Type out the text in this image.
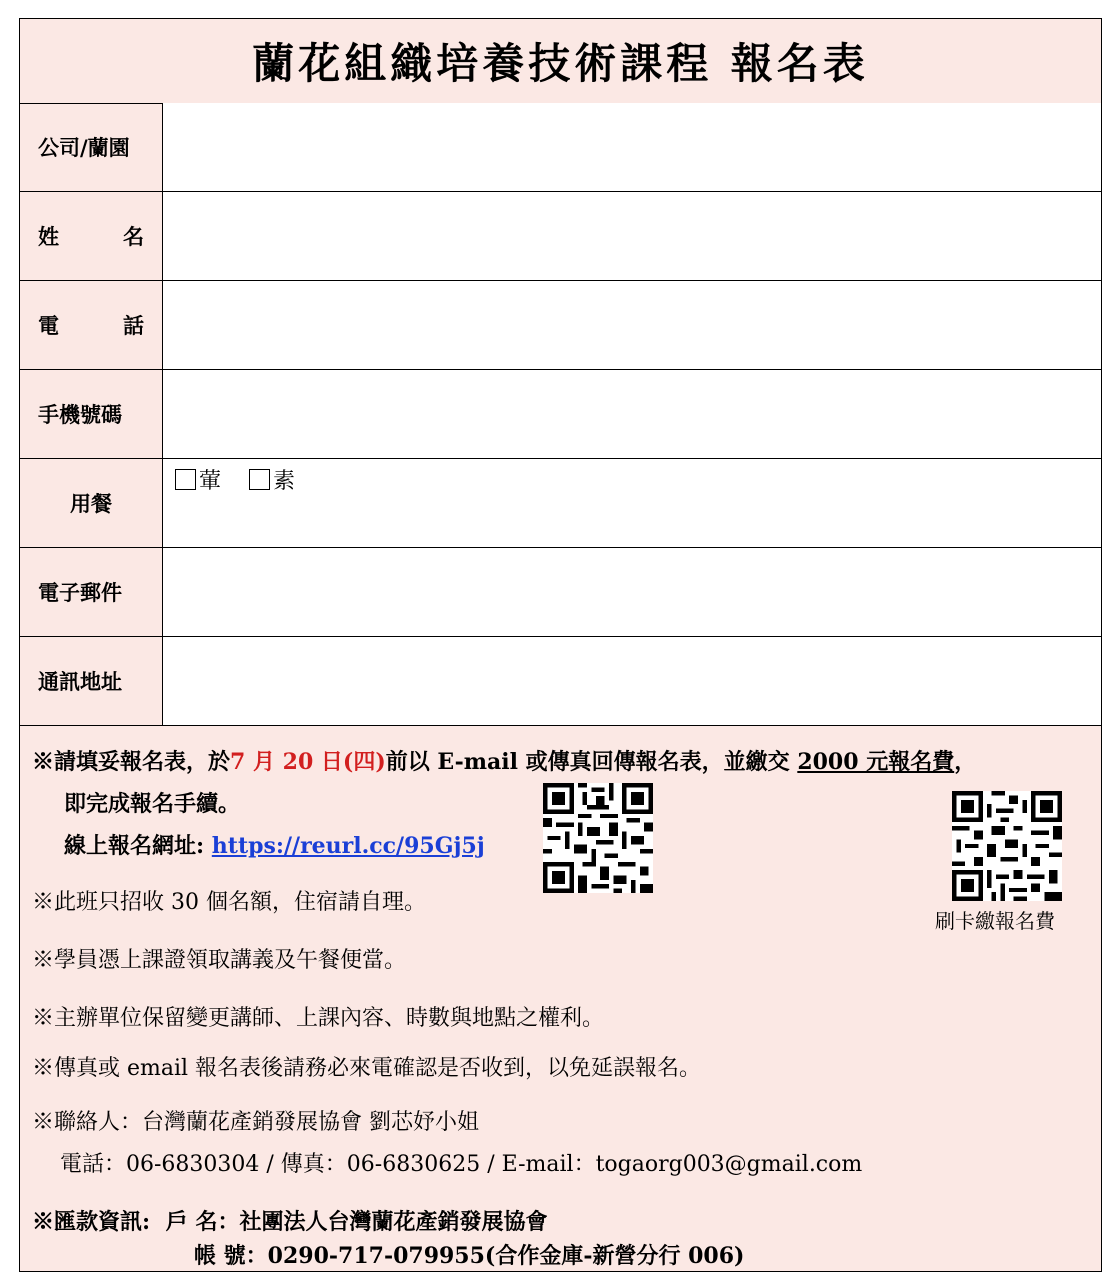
蘭花組織培養技術課程 報名表
公司/蘭園
姓	名
電	話
手機號碼
用餐
葷 素
電子郵件
通訊地址
※請填妥報名表，於7 月 20 日(四)前以 E-mail 或傳真回傳報名表，並繳交 2000 元報名費，
即完成報名手續。
線上報名網址: https://reurl.cc/95Gj5j
※此班只招收 30 個名額，住宿請自理。
※學員憑上課證領取講義及午餐便當。
※主辦單位保留變更講師、上課內容、時數與地點之權利。
※傳真或 email 報名表後請務必來電確認是否收到，以免延誤報名。
※聯絡人：台灣蘭花產銷發展協會 劉芯妤小姐
電話：06-6830304 / 傳真：06-6830625 / E-mail：togaorg003@gmail.com
※匯款資訊: 戶 名：社團法人台灣蘭花產銷發展協會
帳 號：0290-717-079955(合作金庫-新營分行 006)
刷卡繳報名費
